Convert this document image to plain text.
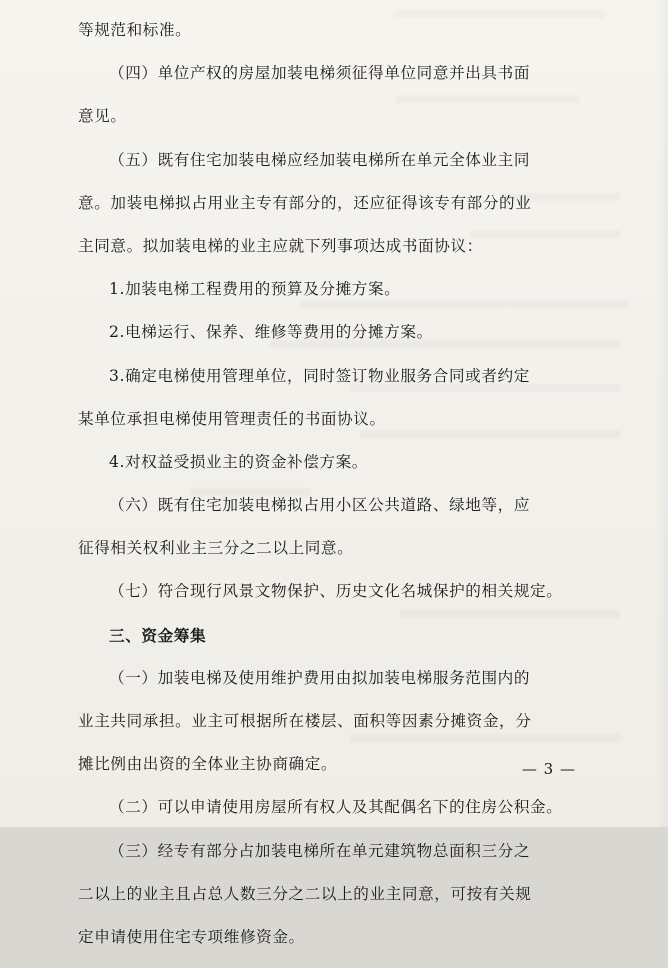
等规范和标准。
（四）单位产权的房屋加装电梯须征得单位同意并出具书面
意见。
（五）既有住宅加装电梯应经加装电梯所在单元全体业主同
意。加装电梯拟占用业主专有部分的，还应征得该专有部分的业
主同意。拟加装电梯的业主应就下列事项达成书面协议：
1.加装电梯工程费用的预算及分摊方案。
2.电梯运行、保养、维修等费用的分摊方案。
3.确定电梯使用管理单位，同时签订物业服务合同或者约定
某单位承担电梯使用管理责任的书面协议。
4.对权益受损业主的资金补偿方案。
（六）既有住宅加装电梯拟占用小区公共道路、绿地等，应
征得相关权利业主三分之二以上同意。
（七）符合现行风景文物保护、历史文化名城保护的相关规定。
三、资金筹集
（一）加装电梯及使用维护费用由拟加装电梯服务范围内的
业主共同承担。业主可根据所在楼层、面积等因素分摊资金，分
摊比例由出资的全体业主协商确定。
（二）可以申请使用房屋所有权人及其配偶名下的住房公积金。
（三）经专有部分占加装电梯所在单元建筑物总面积三分之
二以上的业主且占总人数三分之二以上的业主同意，可按有关规
定申请使用住宅专项维修资金。
— 3 —
